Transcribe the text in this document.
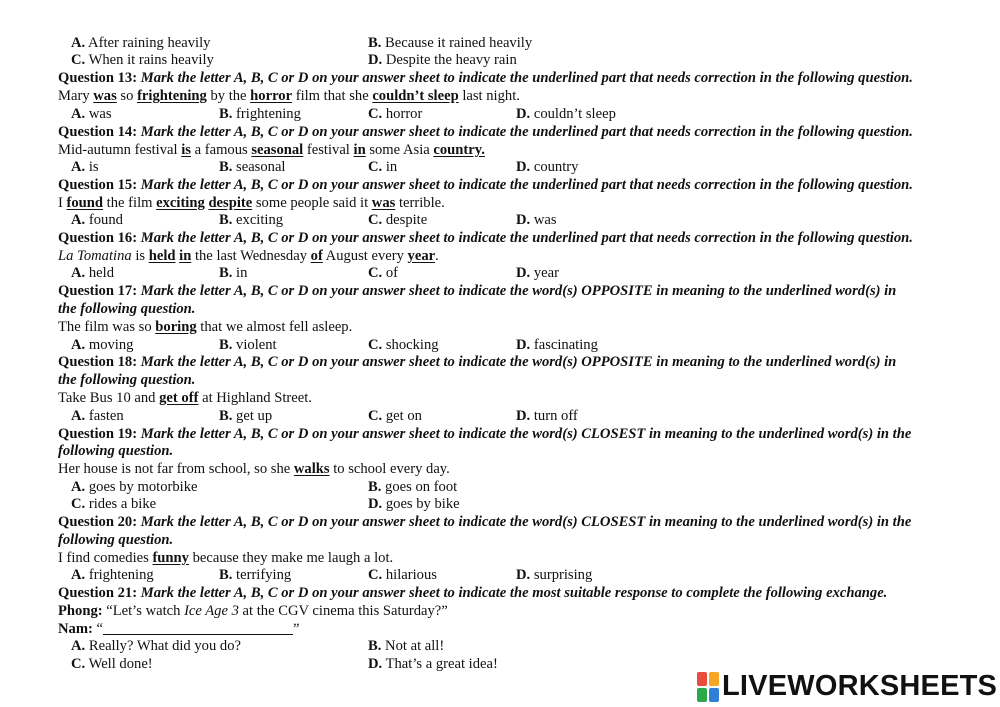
A. After raining heavily	B. Because it rained heavily
C. When it rains heavily	D. Despite the heavy rain
Question 13: Mark the letter A, B, C or D on your answer sheet to indicate the underlined part that needs correction in the following question.
Mary was so frightening by the horror film that she couldn’t sleep last night.
A. was	B. frightening	C. horror	D. couldn’t sleep
Question 14: Mark the letter A, B, C or D on your answer sheet to indicate the underlined part that needs correction in the following question.
Mid-autumn festival is a famous seasonal festival in some Asia country.
A. is	B. seasonal	C. in	D. country
Question 15: Mark the letter A, B, C or D on your answer sheet to indicate the underlined part that needs correction in the following question.
I found the film exciting despite some people said it was terrible.
A. found	B. exciting	C. despite	D. was
Question 16: Mark the letter A, B, C or D on your answer sheet to indicate the underlined part that needs correction in the following question.
La Tomatina is held in the last Wednesday of August every year.
A. held	B. in	C. of	D. year
Question 17: Mark the letter A, B, C or D on your answer sheet to indicate the word(s) OPPOSITE in meaning to the underlined word(s) in
the following question.
The film was so boring that we almost fell asleep.
A. moving	B. violent	C. shocking	D. fascinating
Question 18: Mark the letter A, B, C or D on your answer sheet to indicate the word(s) OPPOSITE in meaning to the underlined word(s) in
the following question.
Take Bus 10 and get off at Highland Street.
A. fasten	B. get up	C. get on	D. turn off
Question 19: Mark the letter A, B, C or D on your answer sheet to indicate the word(s) CLOSEST in meaning to the underlined word(s) in the
following question.
Her house is not far from school, so she walks to school every day.
A. goes by motorbike	B. goes on foot
C. rides a bike	D. goes by bike
Question 20: Mark the letter A, B, C or D on your answer sheet to indicate the word(s) CLOSEST in meaning to the underlined word(s) in the
following question.
I find comedies funny because they make me laugh a lot.
A. frightening	B. terrifying	C. hilarious	D. surprising
Question 21: Mark the letter A, B, C or D on your answer sheet to indicate the most suitable response to complete the following exchange.
Phong: “Let’s watch Ice Age 3 at the CGV cinema this Saturday?”
Nam: “	”
A. Really? What did you do?	B. Not at all!
C. Well done!	D. That’s a great idea!
LIVEWORKSHEETS
